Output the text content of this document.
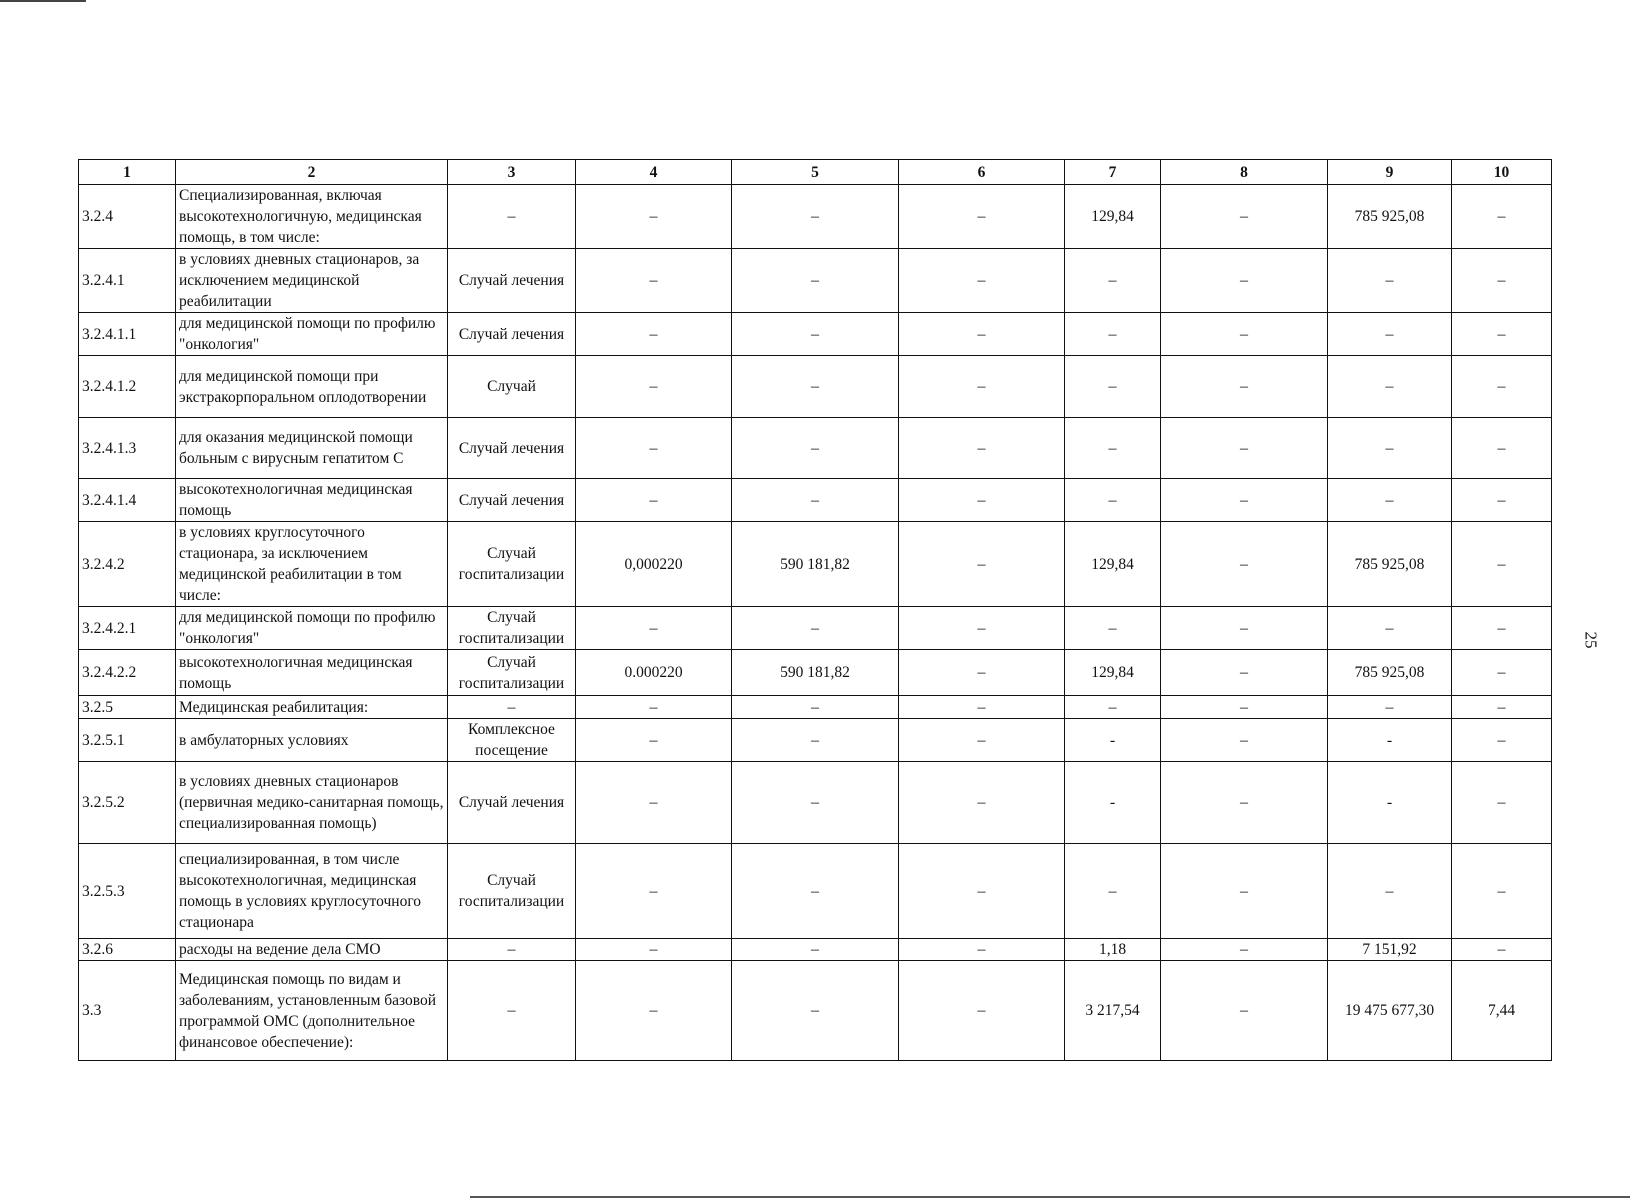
25
1	2	3	4	5	6	7	8	9	10
3.2.4	Специализированная, включая высокотехнологичную, медицинская помощь, в том числе:	–	–	–	–	129,84	–	785 925,08	–
3.2.4.1	в условиях дневных стационаров, за исключением медицинской реабилитации	Случай лечения	–	–	–	–	–	–	–
3.2.4.1.1	для медицинской помощи по профилю "онкология"	Случай лечения	–	–	–	–	–	–	–
3.2.4.1.2	для медицинской помощи при экстракорпоральном оплодотворении	Случай	–	–	–	–	–	–	–
3.2.4.1.3	для оказания медицинской помощи больным с вирусным гепатитом С	Случай лечения	–	–	–	–	–	–	–
3.2.4.1.4	высокотехнологичная медицинская помощь	Случай лечения	–	–	–	–	–	–	–
3.2.4.2	в условиях круглосуточного стационара, за исключением медицинской реабилитации в том числе:	Случай госпитализации	0,000220	590 181,82	–	129,84	–	785 925,08	–
3.2.4.2.1	для медицинской помощи по профилю "онкология"	Случай госпитализации	–	–	–	–	–	–	–
3.2.4.2.2	высокотехнологичная медицинская помощь	Случай госпитализации	0.000220	590 181,82	–	129,84	–	785 925,08	–
3.2.5	Медицинская реабилитация:	–	–	–	–	–	–	–	–
3.2.5.1	в амбулаторных условиях	Комплексное посещение	–	–	–	-	–	-	–
3.2.5.2	в условиях дневных стационаров (первичная медико-санитарная помощь, специализированная помощь)	Случай лечения	–	–	–	-	–	-	–
3.2.5.3	специализированная, в том числе высокотехнологичная, медицинская помощь в условиях круглосуточного стационара	Случай госпитализации	–	–	–	–	–	–	–
3.2.6	расходы на ведение дела СМО	–	–	–	–	1,18	–	7 151,92	–
3.3	Медицинская помощь по видам и заболеваниям, установленным базовой программой ОМС (дополнительное финансовое обеспечение):	–	–	–	–	3 217,54	–	19 475 677,30	7,44
